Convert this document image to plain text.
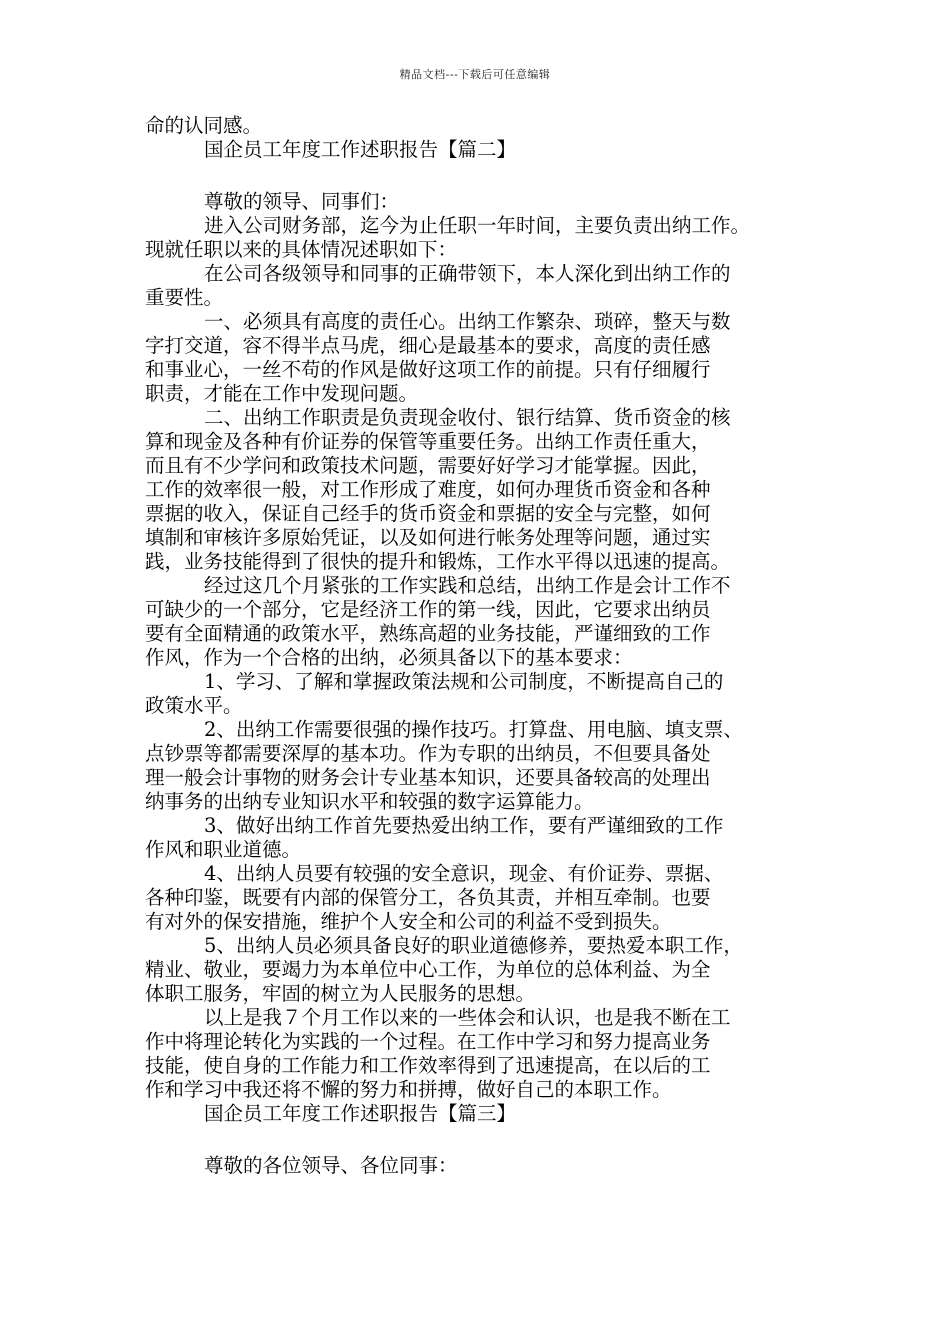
精品文档---下载后可任意编辑
命的认同感。
国企员工年度工作述职报告【篇二】
尊敬的领导、同事们：
进入公司财务部，迄今为止任职一年时间，主要负责出纳工作。
现就任职以来的具体情况述职如下：
在公司各级领导和同事的正确带领下，本人深化到出纳工作的
重要性。
一、必须具有高度的责任心。出纳工作繁杂、琐碎，整天与数
字打交道，容不得半点马虎，细心是最基本的要求，高度的责任感
和事业心，一丝不苟的作风是做好这项工作的前提。只有仔细履行
职责，才能在工作中发现问题。
二、出纳工作职责是负责现金收付、银行结算、货币资金的核
算和现金及各种有价证券的保管等重要任务。出纳工作责任重大，
而且有不少学问和政策技术问题，需要好好学习才能掌握。因此，
工作的效率很一般，对工作形成了难度，如何办理货币资金和各种
票据的收入，保证自己经手的货币资金和票据的安全与完整，如何
填制和审核许多原始凭证，以及如何进行帐务处理等问题，通过实
践，业务技能得到了很快的提升和锻炼，工作水平得以迅速的提高。
经过这几个月紧张的工作实践和总结，出纳工作是会计工作不
可缺少的一个部分，它是经济工作的第一线，因此，它要求出纳员
要有全面精通的政策水平，熟练高超的业务技能，严谨细致的工作
作风，作为一个合格的出纳，必须具备以下的基本要求：
1、学习、了解和掌握政策法规和公司制度，不断提高自己的
政策水平。
2、出纳工作需要很强的操作技巧。打算盘、用电脑、填支票、
点钞票等都需要深厚的基本功。作为专职的出纳员，不但要具备处
理一般会计事物的财务会计专业基本知识，还要具备较高的处理出
纳事务的出纳专业知识水平和较强的数字运算能力。
3、做好出纳工作首先要热爱出纳工作，要有严谨细致的工作
作风和职业道德。
4、出纳人员要有较强的安全意识，现金、有价证券、票据、
各种印鉴，既要有内部的保管分工，各负其责，并相互牵制。也要
有对外的保安措施，维护个人安全和公司的利益不受到损失。
5、出纳人员必须具备良好的职业道德修养，要热爱本职工作，
精业、敬业，要竭力为本单位中心工作，为单位的总体利益、为全
体职工服务，牢固的树立为人民服务的思想。
以上是我７个月工作以来的一些体会和认识，也是我不断在工
作中将理论转化为实践的一个过程。在工作中学习和努力提高业务
技能，使自身的工作能力和工作效率得到了迅速提高，在以后的工
作和学习中我还将不懈的努力和拼搏，做好自己的本职工作。
国企员工年度工作述职报告【篇三】
尊敬的各位领导、各位同事：
